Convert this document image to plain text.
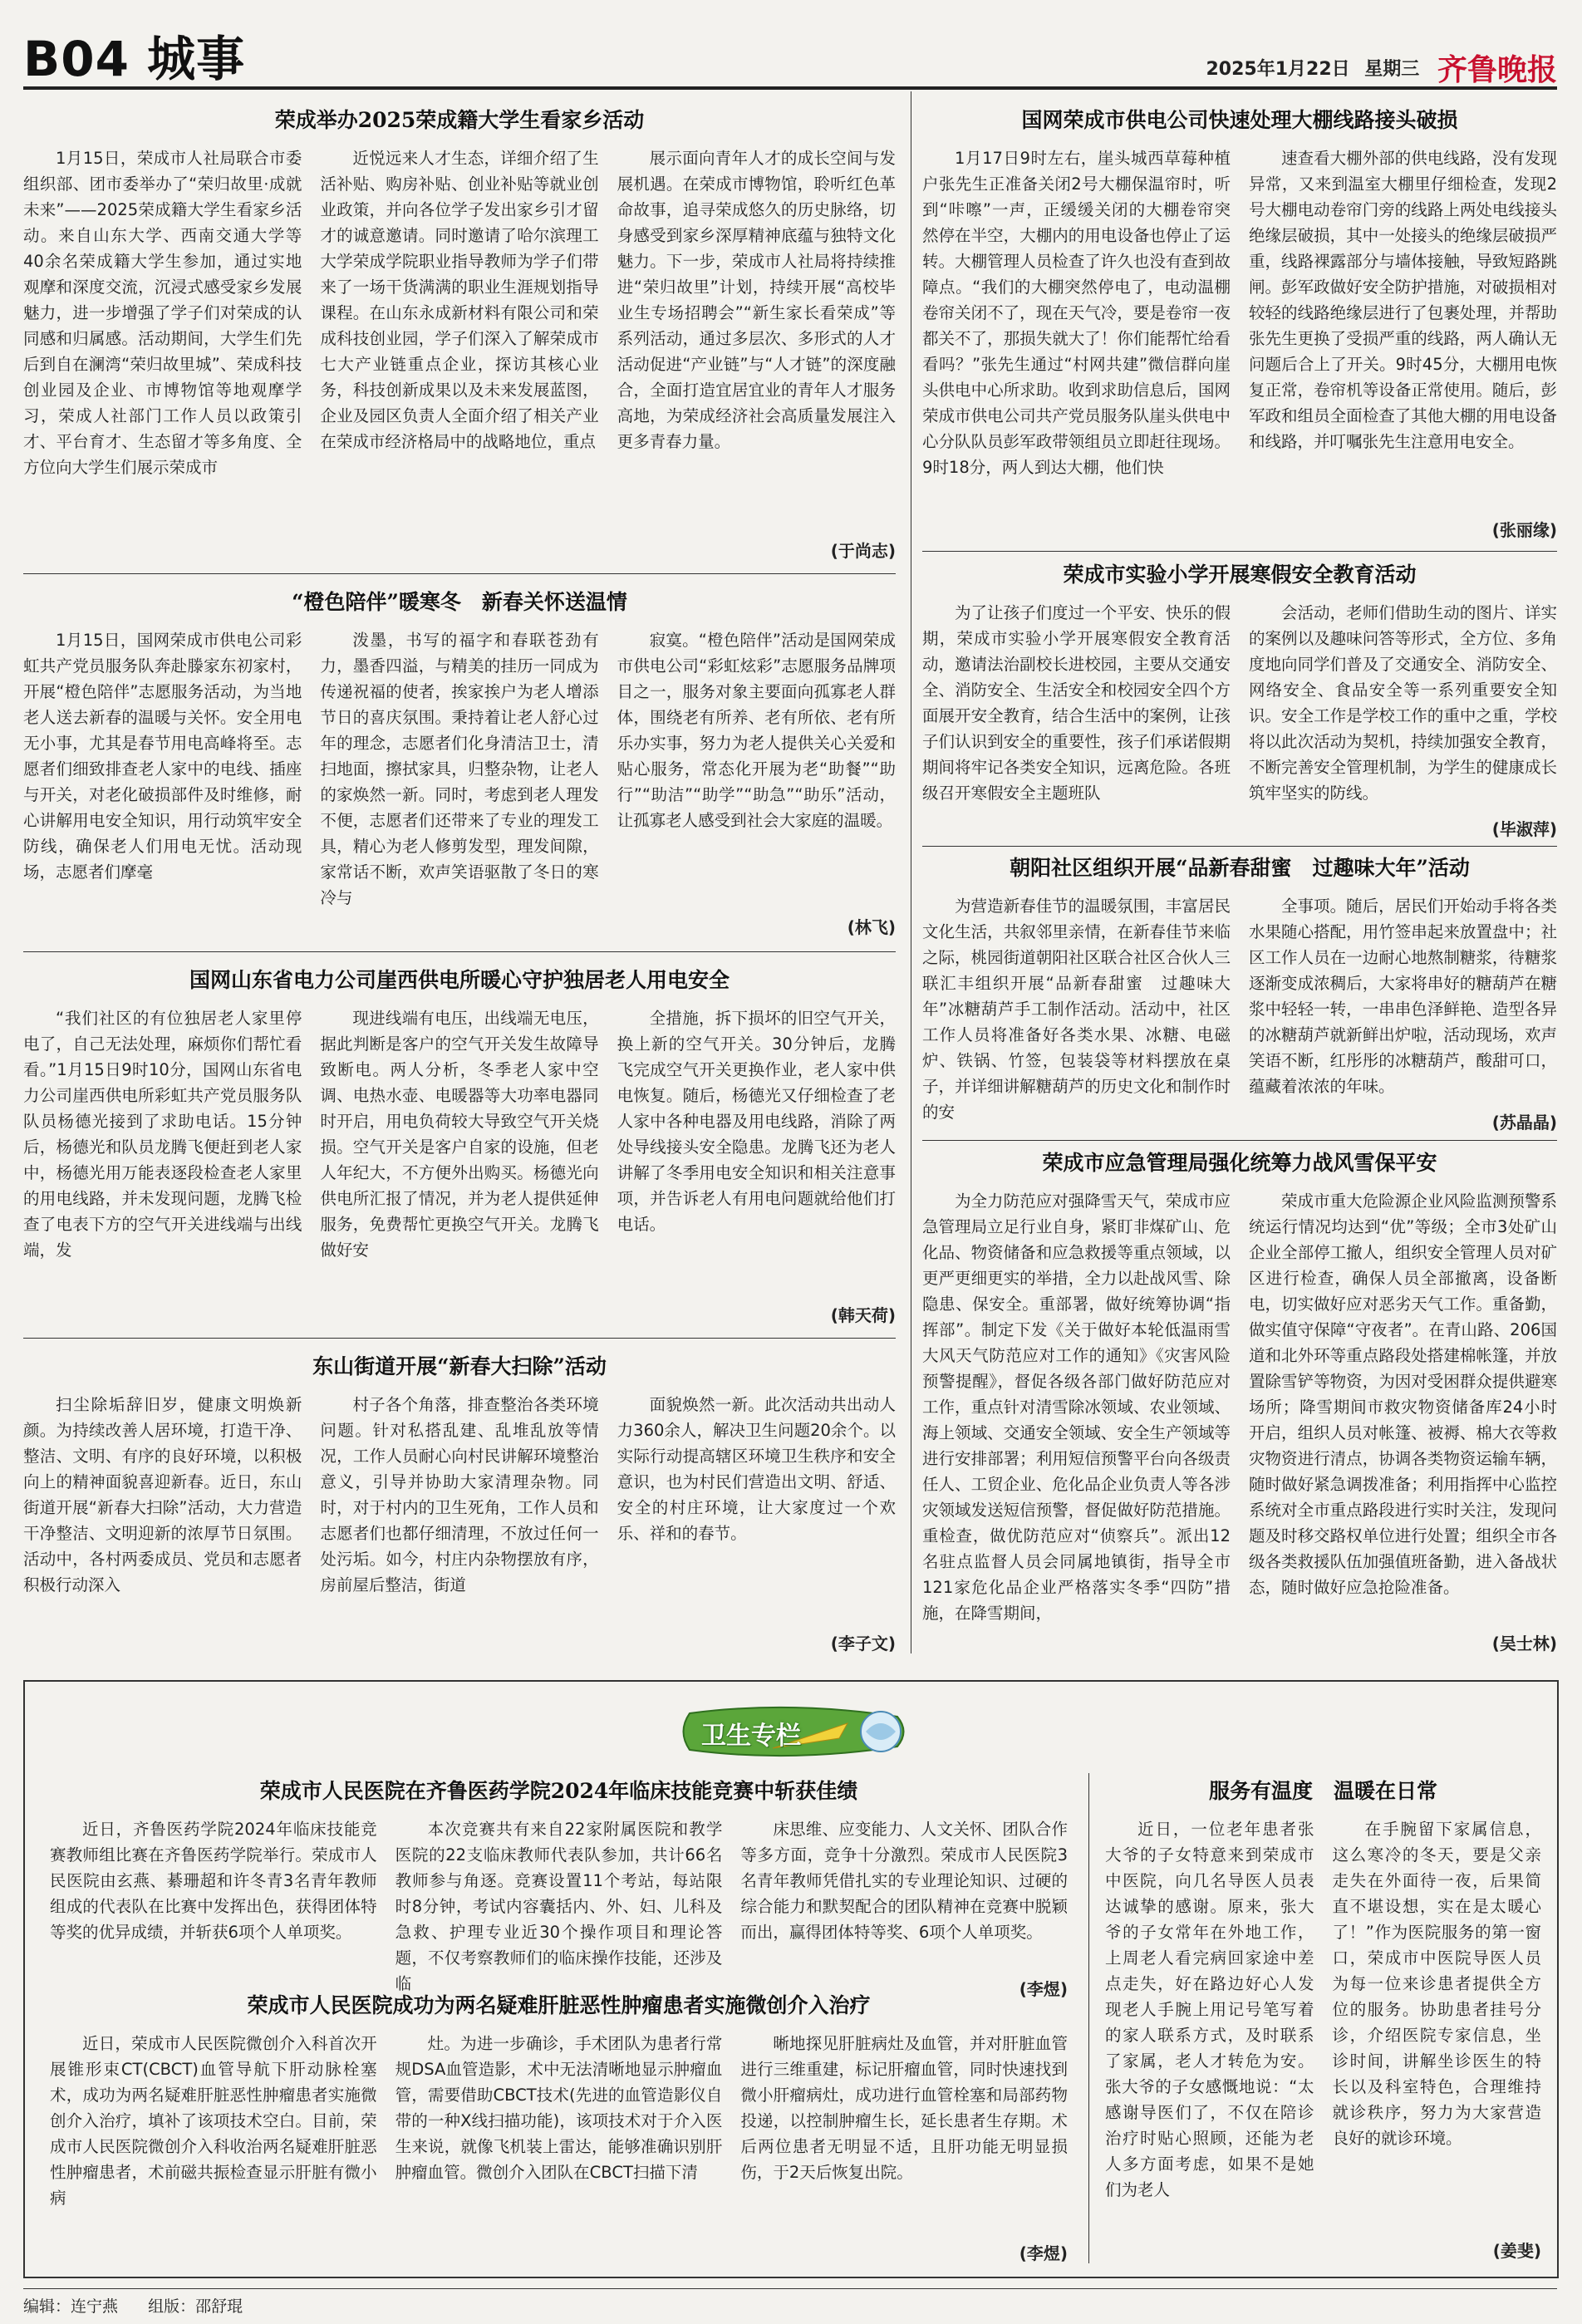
B04 城事	2025年1月22日 星期三 齐鲁晚报
荣成举办2025荣成籍大学生看家乡活动

1月15日，荣成市人社局联合市委组织部、团市委举办了“荣归故里·成就未来”——2025荣成籍大学生看家乡活动。来自山东大学、西南交通大学等40余名荣成籍大学生参加，通过实地观摩和深度交流，沉浸式感受家乡发展魅力，进一步增强了学子们对荣成的认同感和归属感。活动期间，大学生们先后到自在澜湾“荣归故里城”、荣成科技创业园及企业、市博物馆等地观摩学习，荣成人社部门工作人员以政策引才、平台育才、生态留才等多角度、全方位向大学生们展示荣成市

近悦远来人才生态，详细介绍了生活补贴、购房补贴、创业补贴等就业创业政策，并向各位学子发出家乡引才留才的诚意邀请。同时邀请了哈尔滨理工大学荣成学院职业指导教师为学子们带来了一场干货满满的职业生涯规划指导课程。在山东永成新材料有限公司和荣成科技创业园，学子们深入了解荣成市七大产业链重点企业，探访其核心业务，科技创新成果以及未来发展蓝图，企业及园区负责人全面介绍了相关产业在荣成市经济格局中的战略地位，重点

展示面向青年人才的成长空间与发展机遇。在荣成市博物馆，聆听红色革命故事，追寻荣成悠久的历史脉络，切身感受到家乡深厚精神底蕴与独特文化魅力。下一步，荣成市人社局将持续推进“荣归故里”计划，持续开展“高校毕业生专场招聘会”“新生家长看荣成”等系列活动，通过多层次、多形式的人才活动促进“产业链”与“人才链”的深度融合，全面打造宜居宜业的青年人才服务高地，为荣成经济社会高质量发展注入更多青春力量。

(于尚志)
“橙色陪伴”暖寒冬　新春关怀送温情

1月15日，国网荣成市供电公司彩虹共产党员服务队奔赴滕家东初家村，开展“橙色陪伴”志愿服务活动，为当地老人送去新春的温暖与关怀。安全用电无小事，尤其是春节用电高峰将至。志愿者们细致排查老人家中的电线、插座与开关，对老化破损部件及时维修，耐心讲解用电安全知识，用行动筑牢安全防线，确保老人们用电无忧。活动现场，志愿者们摩毫

泼墨，书写的福字和春联苍劲有力，墨香四溢，与精美的挂历一同成为传递祝福的使者，挨家挨户为老人增添节日的喜庆氛围。秉持着让老人舒心过年的理念，志愿者们化身清洁卫士，清扫地面，擦拭家具，归整杂物，让老人的家焕然一新。同时，考虑到老人理发不便，志愿者们还带来了专业的理发工具，精心为老人修剪发型，理发间隙，家常话不断，欢声笑语驱散了冬日的寒冷与

寂寞。“橙色陪伴”活动是国网荣成市供电公司“彩虹炫彩”志愿服务品牌项目之一，服务对象主要面向孤寡老人群体，围绕老有所养、老有所依、老有所乐办实事，努力为老人提供关心关爱和贴心服务，常态化开展为老“助餐”“助行”“助洁”“助学”“助急”“助乐”活动，让孤寡老人感受到社会大家庭的温暖。

(林飞)
国网山东省电力公司崖西供电所暖心守护独居老人用电安全

“我们社区的有位独居老人家里停电了，自己无法处理，麻烦你们帮忙看看。”1月15日9时10分，国网山东省电力公司崖西供电所彩虹共产党员服务队队员杨德光接到了求助电话。15分钟后，杨德光和队员龙腾飞便赶到老人家中，杨德光用万能表逐段检查老人家里的用电线路，并未发现问题，龙腾飞检查了电表下方的空气开关进线端与出线端，发

现进线端有电压，出线端无电压，据此判断是客户的空气开关发生故障导致断电。两人分析，冬季老人家中空调、电热水壶、电暖器等大功率电器同时开启，用电负荷较大导致空气开关烧损。空气开关是客户自家的设施，但老人年纪大，不方便外出购买。杨德光向供电所汇报了情况，并为老人提供延伸服务，免费帮忙更换空气开关。龙腾飞做好安

全措施，拆下损坏的旧空气开关，换上新的空气开关。30分钟后，龙腾飞完成空气开关更换作业，老人家中供电恢复。随后，杨德光又仔细检查了老人家中各种电器及用电线路，消除了两处导线接头安全隐患。龙腾飞还为老人讲解了冬季用电安全知识和相关注意事项，并告诉老人有用电问题就给他们打电话。

(韩天荷)
东山街道开展“新春大扫除”活动

扫尘除垢辞旧岁，健康文明焕新颜。为持续改善人居环境，打造干净、整洁、文明、有序的良好环境，以积极向上的精神面貌喜迎新春。近日，东山街道开展“新春大扫除”活动，大力营造干净整洁、文明迎新的浓厚节日氛围。活动中，各村两委成员、党员和志愿者积极行动深入

村子各个角落，排查整治各类环境问题。针对私搭乱建、乱堆乱放等情况，工作人员耐心向村民讲解环境整治意义，引导并协助大家清理杂物。同时，对于村内的卫生死角，工作人员和志愿者们也都仔细清理，不放过任何一处污垢。如今，村庄内杂物摆放有序，房前屋后整洁，街道

面貌焕然一新。此次活动共出动人力360余人，解决卫生问题20余个。以实际行动提高辖区环境卫生秩序和安全意识，也为村民们营造出文明、舒适、安全的村庄环境，让大家度过一个欢乐、祥和的春节。

(李子文)
国网荣成市供电公司快速处理大棚线路接头破损

1月17日9时左右，崖头城西草莓种植户张先生正准备关闭2号大棚保温帘时，听到“咔嚓”一声，正缓缓关闭的大棚卷帘突然停在半空，大棚内的用电设备也停止了运转。大棚管理人员检查了许久也没有查到故障点。“我们的大棚突然停电了，电动温棚卷帘关闭不了，现在天气冷，要是卷帘一夜都关不了，那损失就大了！你们能帮忙给看看吗？”张先生通过“村网共建”微信群向崖头供电中心所求助。收到求助信息后，国网荣成市供电公司共产党员服务队崖头供电中心分队队员彭军政带领组员立即赶往现场。9时18分，两人到达大棚，他们快

速查看大棚外部的供电线路，没有发现异常，又来到温室大棚里仔细检查，发现2号大棚电动卷帘门旁的线路上两处电线接头绝缘层破损，其中一处接头的绝缘层破损严重，线路裸露部分与墙体接触，导致短路跳闸。彭军政做好安全防护措施，对破损相对较轻的线路绝缘层进行了包裹处理，并帮助张先生更换了受损严重的线路，两人确认无问题后合上了开关。9时45分，大棚用电恢复正常，卷帘机等设备正常使用。随后，彭军政和组员全面检查了其他大棚的用电设备和线路，并叮嘱张先生注意用电安全。

(张丽缘)
荣成市实验小学开展寒假安全教育活动

为了让孩子们度过一个平安、快乐的假期，荣成市实验小学开展寒假安全教育活动，邀请法治副校长进校园，主要从交通安全、消防安全、生活安全和校园安全四个方面展开安全教育，结合生活中的案例，让孩子们认识到安全的重要性，孩子们承诺假期期间将牢记各类安全知识，远离危险。各班级召开寒假安全主题班队

会活动，老师们借助生动的图片、详实的案例以及趣味问答等形式，全方位、多角度地向同学们普及了交通安全、消防安全、网络安全、食品安全等一系列重要安全知识。安全工作是学校工作的重中之重，学校将以此次活动为契机，持续加强安全教育，不断完善安全管理机制，为学生的健康成长筑牢坚实的防线。

(毕淑萍)
朝阳社区组织开展“品新春甜蜜　过趣味大年”活动

为营造新春佳节的温暖氛围，丰富居民文化生活，共叙邻里亲情，在新春佳节来临之际，桃园街道朝阳社区联合社区合伙人三联汇丰组织开展“品新春甜蜜　过趣味大年”冰糖葫芦手工制作活动。活动中，社区工作人员将准备好各类水果、冰糖、电磁炉、铁锅、竹签，包装袋等材料摆放在桌子，并详细讲解糖葫芦的历史文化和制作时的安

全事项。随后，居民们开始动手将各类水果随心搭配，用竹签串起来放置盘中；社区工作人员在一边耐心地熬制糖浆，待糖浆逐渐变成浓稠后，大家将串好的糖葫芦在糖浆中轻轻一转，一串串色泽鲜艳、造型各异的冰糖葫芦就新鲜出炉啦，活动现场，欢声笑语不断，红彤彤的冰糖葫芦，酸甜可口，蕴藏着浓浓的年味。

(苏晶晶)
荣成市应急管理局强化统筹力战风雪保平安

为全力防范应对强降雪天气，荣成市应急管理局立足行业自身，紧盯非煤矿山、危化品、物资储备和应急救援等重点领域，以更严更细更实的举措，全力以赴战风雪、除隐患、保安全。重部署，做好统筹协调“指挥部”。制定下发《关于做好本轮低温雨雪大风天气防范应对工作的通知》《灾害风险预警提醒》，督促各级各部门做好防范应对工作，重点针对清雪除冰领域、农业领域、海上领域、交通安全领域、安全生产领域等进行安排部署；利用短信预警平台向各级责任人、工贸企业、危化品企业负责人等各涉灾领域发送短信预警，督促做好防范措施。重检查，做优防范应对“侦察兵”。派出12名驻点监督人员会同属地镇街，指导全市121家危化品企业严格落实冬季“四防”措施，在降雪期间，

荣成市重大危险源企业风险监测预警系统运行情况均达到“优”等级；全市3处矿山企业全部停工撤人，组织安全管理人员对矿区进行检查，确保人员全部撤离，设备断电，切实做好应对恶劣天气工作。重备勤，做实值守保障“守夜者”。在青山路、206国道和北外环等重点路段处搭建棉帐篷，并放置除雪铲等物资，为因对受困群众提供避寒场所；降雪期间市救灾物资储备库24小时开启，组织人员对帐篷、被褥、棉大衣等救灾物资进行清点，协调各类物资运输车辆，随时做好紧急调拨准备；利用指挥中心监控系统对全市重点路段进行实时关注，发现问题及时移交路权单位进行处置；组织全市各级各类救援队伍加强值班备勤，进入备战状态，随时做好应急抢险准备。

(吴士林)
卫生专栏
荣成市人民医院在齐鲁医药学院2024年临床技能竞赛中斩获佳绩

近日，齐鲁医药学院2024年临床技能竞赛教师组比赛在齐鲁医药学院举行。荣成市人民医院由玄燕、綦珊超和许冬青3名青年教师组成的代表队在比赛中发挥出色，获得团体特等奖的优异成绩，并斩获6项个人单项奖。

本次竞赛共有来自22家附属医院和教学医院的22支临床教师代表队参加，共计66名教师参与角逐。竞赛设置11个考站，每站限时8分钟，考试内容囊括内、外、妇、儿科及急救、护理专业近30个操作项目和理论答题，不仅考察教师们的临床操作技能，还涉及临

床思维、应变能力、人文关怀、团队合作等多方面，竞争十分激烈。荣成市人民医院3名青年教师凭借扎实的专业理论知识、过硬的综合能力和默契配合的团队精神在竞赛中脱颖而出，赢得团体特等奖、6项个人单项奖。

(李煜)
荣成市人民医院成功为两名疑难肝脏恶性肿瘤患者实施微创介入治疗

近日，荣成市人民医院微创介入科首次开展锥形束CT(CBCT)血管导航下肝动脉栓塞术，成功为两名疑难肝脏恶性肿瘤患者实施微创介入治疗，填补了该项技术空白。目前，荣成市人民医院微创介入科收治两名疑难肝脏恶性肿瘤患者，术前磁共振检查显示肝脏有微小病

灶。为进一步确诊，手术团队为患者行常规DSA血管造影，术中无法清晰地显示肿瘤血管，需要借助CBCT技术(先进的血管造影仪自带的一种X线扫描功能)，该项技术对于介入医生来说，就像飞机装上雷达，能够准确识别肝肿瘤血管。微创介入团队在CBCT扫描下清

晰地探见肝脏病灶及血管，并对肝脏血管进行三维重建，标记肝瘤血管，同时快速找到微小肝瘤病灶，成功进行血管栓塞和局部药物投递，以控制肿瘤生长，延长患者生存期。术后两位患者无明显不适，且肝功能无明显损伤，于2天后恢复出院。

(李煜)
服务有温度　温暖在日常

近日，一位老年患者张大爷的子女特意来到荣成市中医院，向几名导医人员表达诚挚的感谢。原来，张大爷的子女常年在外地工作，上周老人看完病回家途中差点走失，好在路边好心人发现老人手腕上用记号笔写着的家人联系方式，及时联系了家属，老人才转危为安。张大爷的子女感慨地说：“太感谢导医们了，不仅在陪诊治疗时贴心照顾，还能为老人多方面考虑，如果不是她们为老人

在手腕留下家属信息，这么寒冷的冬天，要是父亲走失在外面待一夜，后果简直不堪设想，实在是太暖心了！”作为医院服务的第一窗口，荣成市中医院导医人员为每一位来诊患者提供全方位的服务。协助患者挂号分诊，介绍医院专家信息，坐诊时间，讲解坐诊医生的特长以及科室特色，合理维持就诊秩序，努力为大家营造良好的就诊环境。

(姜斐)
编辑：连宁燕 组版：邵舒琨
